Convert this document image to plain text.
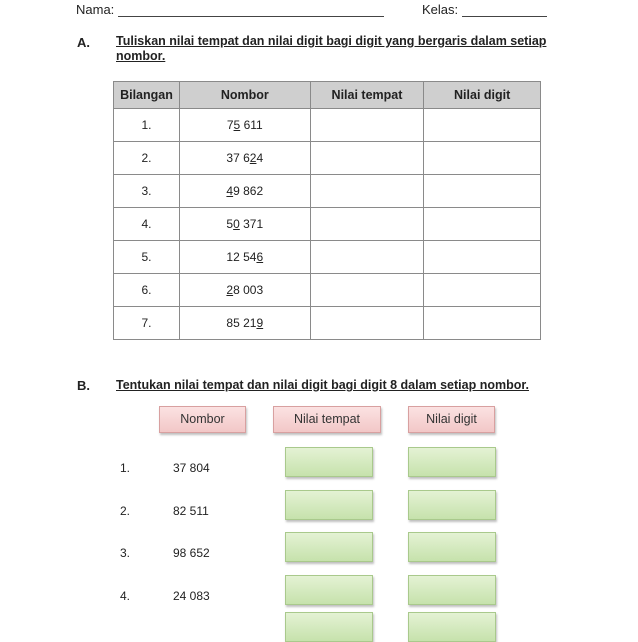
Nama:	Kelas:
A. Tuliskan nilai tempat dan nilai digit bagi digit yang bergaris dalam setiap nombor.
Bilangan	Nombor	Nilai tempat	Nilai digit
1.	75 611		
2.	37 624		
3.	49 862		
4.	50 371		
5.	12 546		
6.	28 003		
7.	85 219		
B. Tentukan nilai tempat dan nilai digit bagi digit 8 dalam setiap nombor.
Nombor	Nilai tempat	Nilai digit
1.	37 804
2.	82 511
3.	98 652
4.	24 083
